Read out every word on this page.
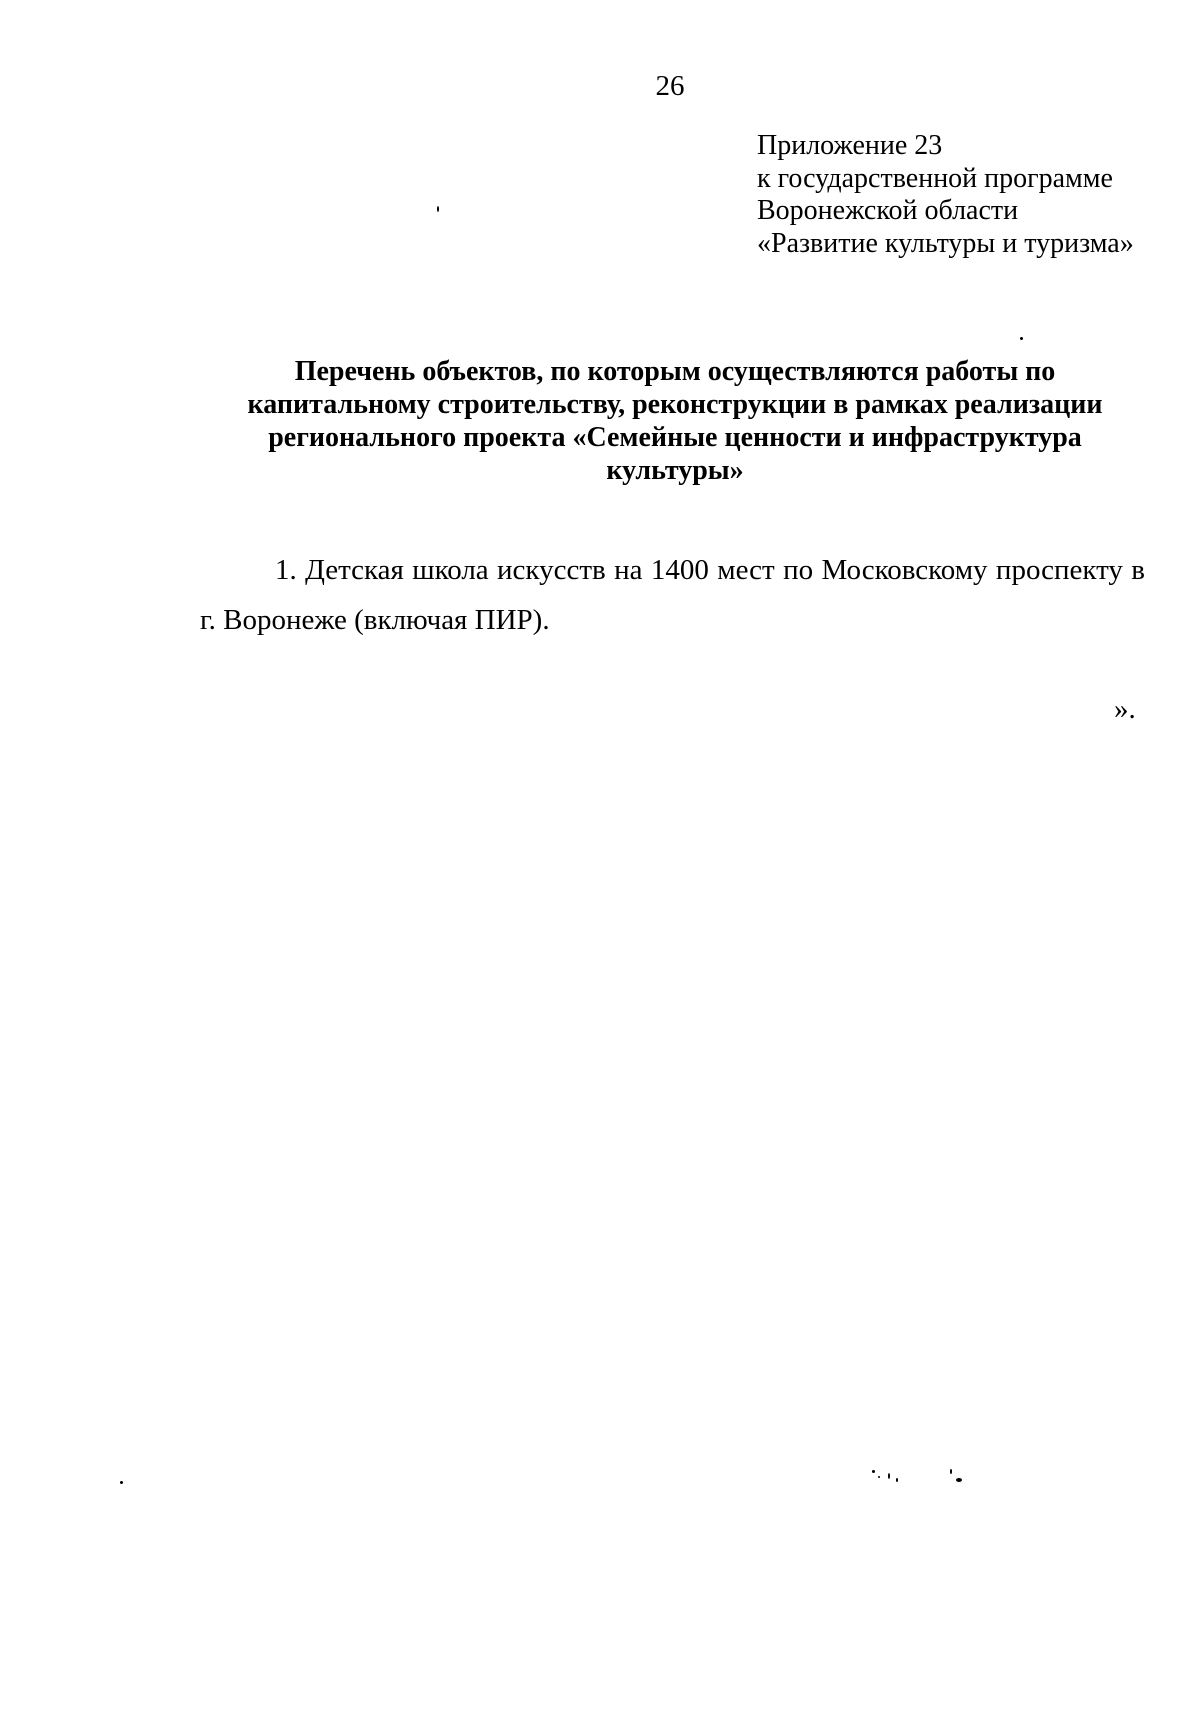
26
Приложение 23
к государственной программе
Воронежской области
«Развитие культуры и туризма»
Перечень объектов, по которым осуществляются работы по
капитальному строительству, реконструкции в рамках реализации
регионального проекта «Семейные ценности и инфраструктура
культуры»
1. Детская школа искусств на 1400 мест по Московскому проспекту в
г. Воронеже (включая ПИР).
».
